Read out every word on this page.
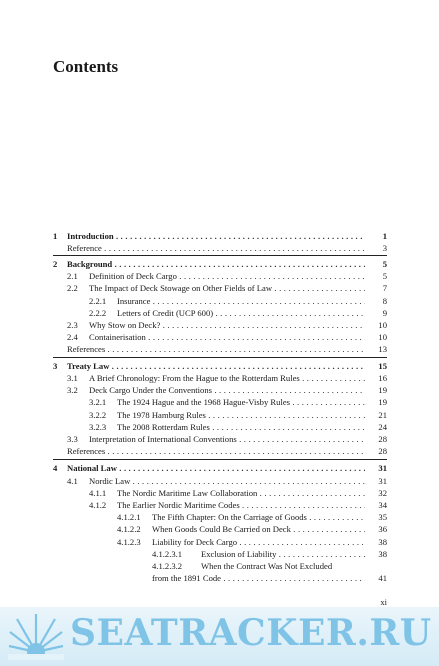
Contents
1 Introduction . . .	1
Reference . . .	3
2 Background . . .	5
2.1 Definition of Deck Cargo . . .	5
2.2 The Impact of Deck Stowage on Other Fields of Law . . .	7
2.2.1 Insurance . . .	8
2.2.2 Letters of Credit (UCP 600) . . .	9
2.3 Why Stow on Deck? . . .	10
2.4 Containerisation . . .	10
References . . .	13
3 Treaty Law . . .	15
3.1 A Brief Chronology: From the Hague to the Rotterdam Rules . . .	16
3.2 Deck Cargo Under the Conventions . . .	19
3.2.1 The 1924 Hague and the 1968 Hague-Visby Rules . . .	19
3.2.2 The 1978 Hamburg Rules . . .	21
3.2.3 The 2008 Rotterdam Rules . . .	24
3.3 Interpretation of International Conventions . . .	28
References . . .	28
4 National Law . . .	31
4.1 Nordic Law . . .	31
4.1.1 The Nordic Maritime Law Collaboration . . .	32
4.1.2 The Earlier Nordic Maritime Codes . . .	34
4.1.2.1 The Fifth Chapter: On the Carriage of Goods . . .	35
4.1.2.2 When Goods Could Be Carried on Deck . . .	36
4.1.2.3 Liability for Deck Cargo . . .	38
4.1.2.3.1 Exclusion of Liability . . .	38
4.1.2.3.2 When the Contract Was Not Excluded
from the 1891 Code . . .	41
xi
SEATRACKER.RU
